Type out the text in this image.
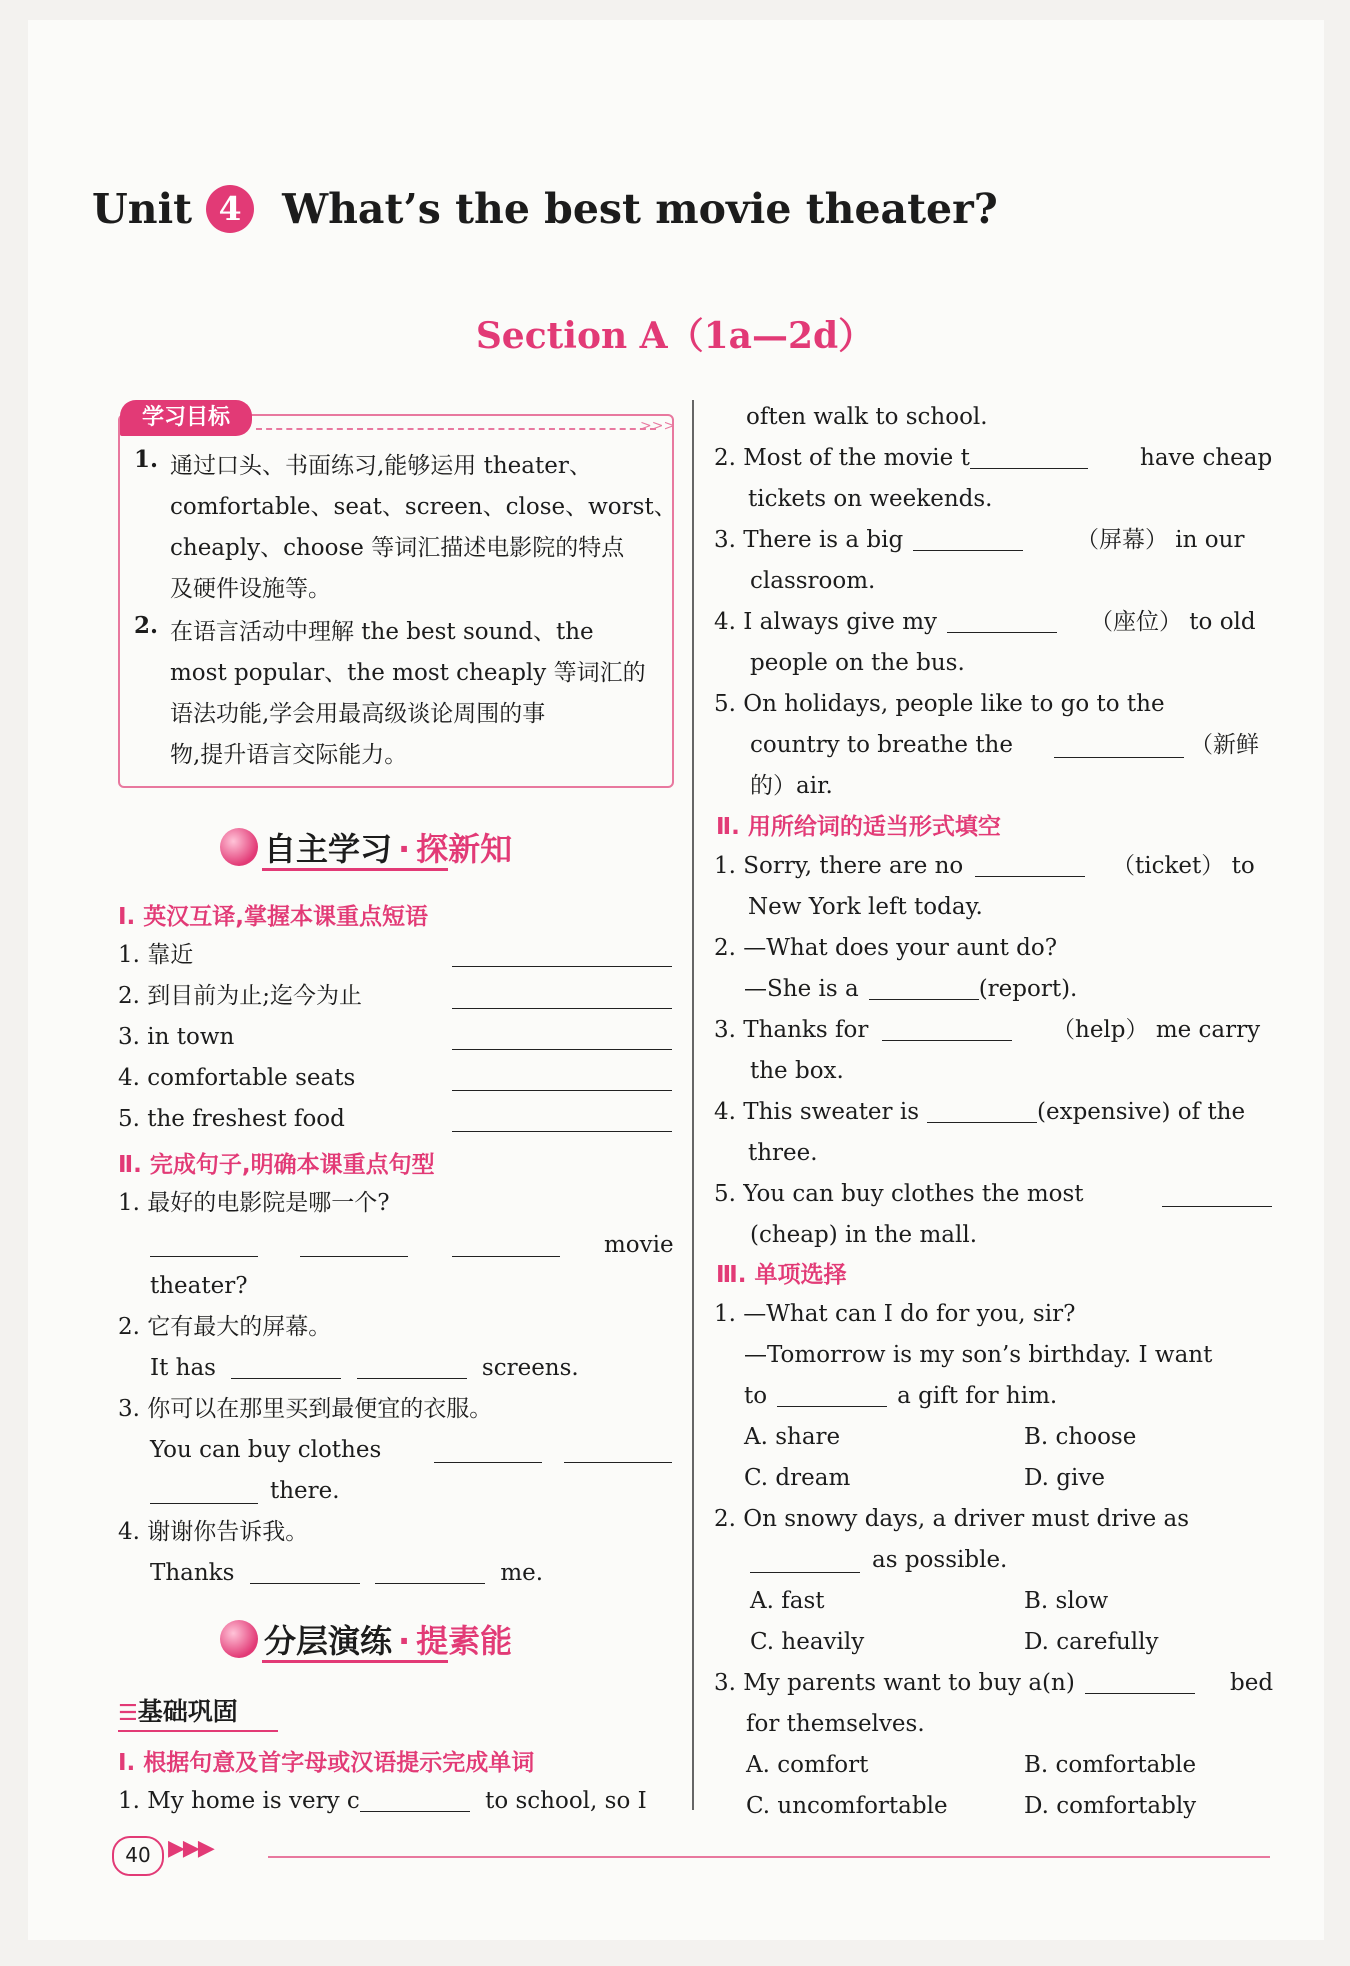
Unit 4 What’s the best movie theater?
Section A（1a—2d）
学习目标	>>>
1. 通过口头、书面练习,能够运用 theater、
comfortable、seat、screen、close、worst、
cheaply、choose 等词汇描述电影院的特点
及硬件设施等。
2. 在语言活动中理解 the best sound、the
most popular、the most cheaply 等词汇的
语法功能,学会用最高级谈论周围的事
物,提升语言交际能力。
自主学习 · 探新知
Ⅰ. 英汉互译,掌握本课重点短语
1. 靠近
2. 到目前为止;迄今为止
3. in town
4. comfortable seats
5. the freshest food
Ⅱ. 完成句子,明确本课重点句型
1. 最好的电影院是哪一个?
movie
theater?
2. 它有最大的屏幕。
It has	screens.
3. 你可以在那里买到最便宜的衣服。
You can buy clothes
there.
4. 谢谢你告诉我。
Thanks	me.
分层演练 · 提素能
☰基础巩固
Ⅰ. 根据句意及首字母或汉语提示完成单词
1. My home is very c	to school, so I
often walk to school.
2. Most of the movie t	have cheap
tickets on weekends.
3. There is a big	（屏幕） in our
classroom.
4. I always give my	（座位） to old
people on the bus.
5. On holidays, people like to go to the
country to breathe the	（新鲜
的）air.
Ⅱ. 用所给词的适当形式填空
1. Sorry, there are no	（ticket） to
New York left today.
2. —What does your aunt do?
—She is a	(report).
3. Thanks for	（help） me carry
the box.
4. This sweater is	(expensive) of the
three.
5. You can buy clothes the most
(cheap) in the mall.
Ⅲ. 单项选择
1. —What can I do for you, sir?
—Tomorrow is my son’s birthday. I want
to	a gift for him.
A. share	B. choose
C. dream	D. give
2. On snowy days, a driver must drive as
as possible.
A. fast	B. slow
C. heavily	D. carefully
3. My parents want to buy a(n)	bed
for themselves.
A. comfort	B. comfortable
C. uncomfortable	D. comfortably
40 ▶▶▶
